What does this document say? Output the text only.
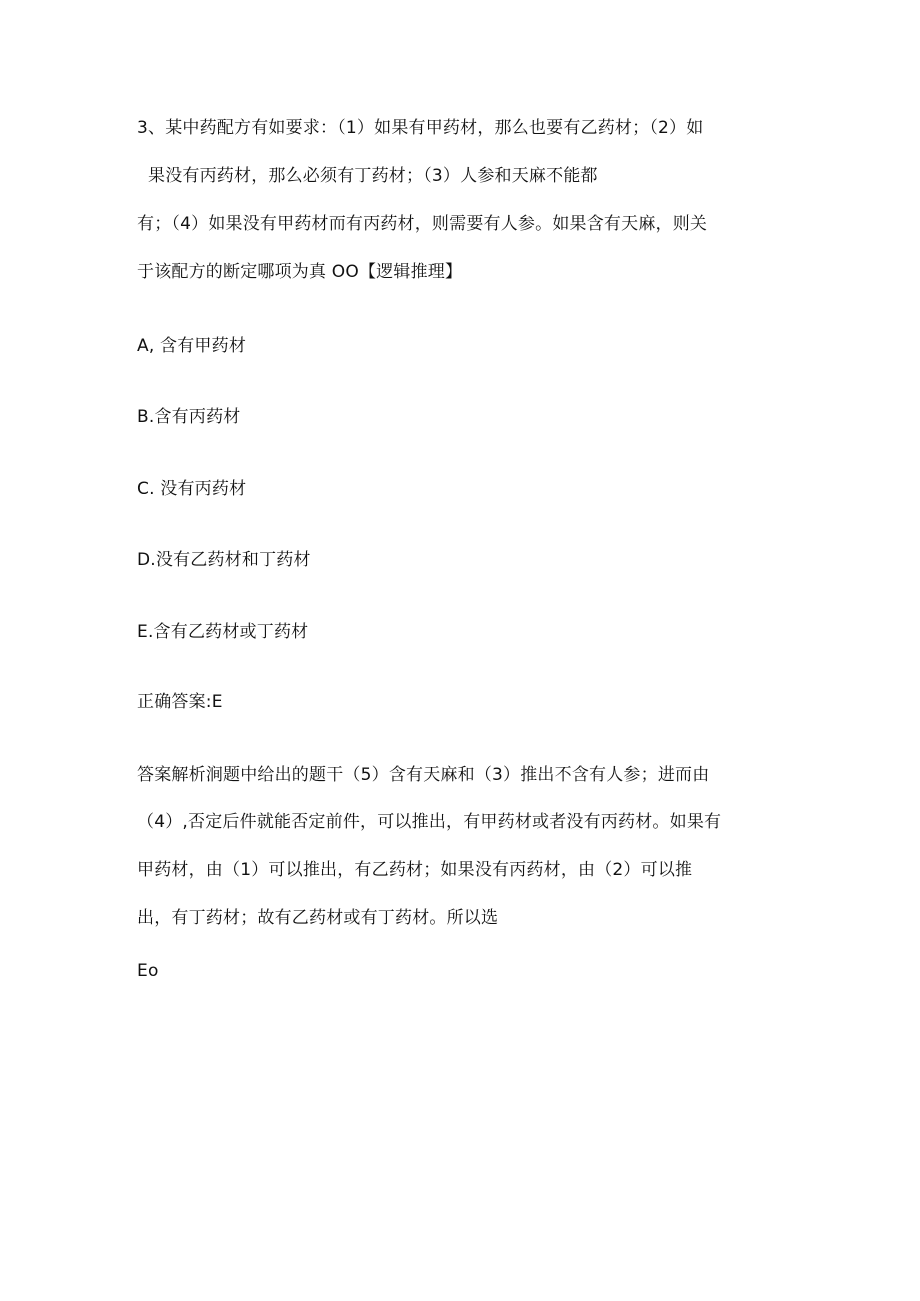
3、某中药配方有如要求：（1）如果有甲药材，那么也要有乙药材；（2）如
果没有丙药材，那么必须有丁药材；（3）人参和天麻不能都
有；（4）如果没有甲药材而有丙药材，则需要有人参。如果含有天麻，则关
于该配方的断定哪项为真 OO【逻辑推理】
A, 含有甲药材
B.含有丙药材
C. 没有丙药材
D.没有乙药材和丁药材
E.含有乙药材或丁药材
正确答案:E
答案解析涧题中给出的题干（5）含有天麻和（3）推出不含有人参；进而由
（4）,否定后件就能否定前件，可以推出，有甲药材或者没有丙药材。如果有
甲药材，由（1）可以推出，有乙药材；如果没有丙药材，由（2）可以推
出，有丁药材；故有乙药材或有丁药材。所以选
Eo
